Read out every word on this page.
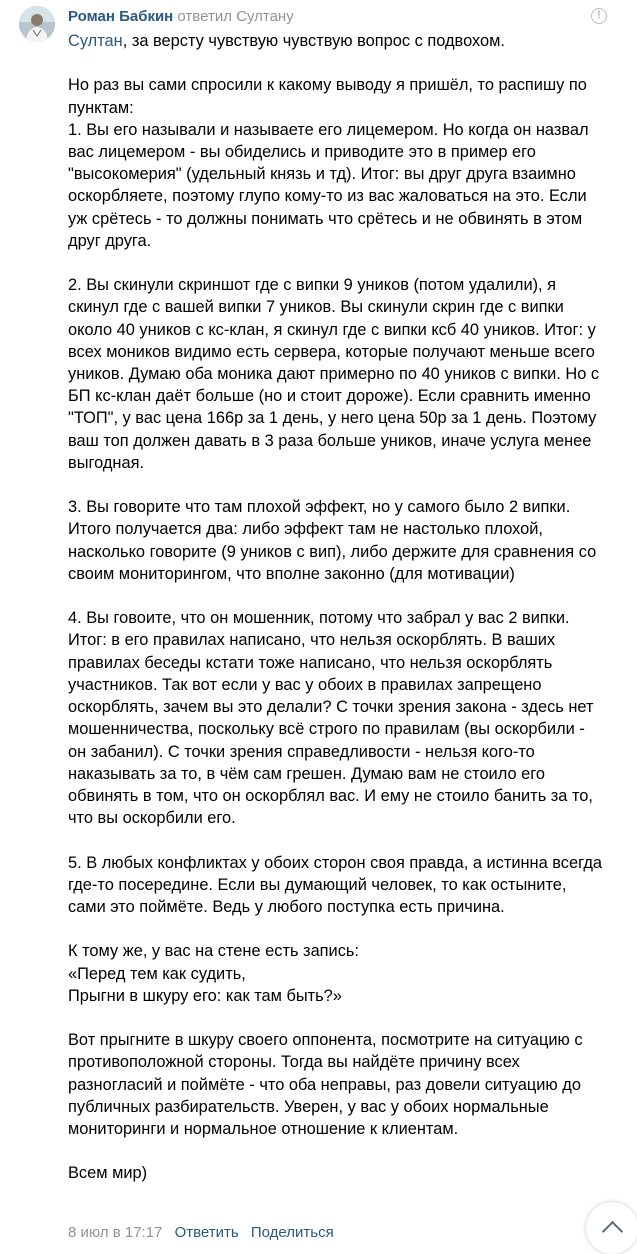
Роман Бабкин ответил Султану	!
Султан, за версту чувствую чувствую вопрос с подвохом.

Но раз вы сами спросили к какому выводу я пришёл, то распишу по
пунктам:
1. Вы его называли и называете его лицемером. Но когда он назвал
вас лицемером - вы обиделись и приводите это в пример его
"высокомерия" (удельный князь и тд). Итог: вы друг друга взаимно
оскорбляете, поэтому глупо кому-то из вас жаловаться на это. Если
уж срётесь - то должны понимать что срётесь и не обвинять в этом
друг друга.

2. Вы скинули скриншот где с випки 9 уников (потом удалили), я
скинул где с вашей випки 7 уников. Вы скинули скрин где с випки
около 40 уников с кс-клан, я скинул где с випки ксб 40 уников. Итог: у
всех моников видимо есть сервера, которые получают меньше всего
уников. Думаю оба моника дают примерно по 40 уников с випки. Но с
БП кс-клан даёт больше (но и стоит дороже). Если сравнить именно
"ТОП", у вас цена 166р за 1 день, у него цена 50р за 1 день. Поэтому
ваш топ должен давать в 3 раза больше уников, иначе услуга менее
выгодная.

3. Вы говорите что там плохой эффект, но у самого было 2 випки.
Итого получается два: либо эффект там не настолько плохой,
насколько говорите (9 уников с вип), либо держите для сравнения со
своим мониторингом, что вполне законно (для мотивации)

4. Вы говоите, что он мошенник, потому что забрал у вас 2 випки.
Итог: в его правилах написано, что нельзя оскорблять. В ваших
правилах беседы кстати тоже написано, что нельзя оскорблять
участников. Так вот если у вас у обоих в правилах запрещено
оскорблять, зачем вы это делали? С точки зрения закона - здесь нет
мошенничества, поскольку всё строго по правилам (вы оскорбили -
он забанил). С точки зрения справедливости - нельзя кого-то
наказывать за то, в чём сам грешен. Думаю вам не стоило его
обвинять в том, что он оскорблял вас. И ему не стоило банить за то,
что вы оскорбили его.

5. В любых конфликтах у обоих сторон своя правда, а истинна всегда
где-то посередине. Если вы думающий человек, то как остыните,
сами это поймёте. Ведь у любого поступка есть причина.

К тому же, у вас на стене есть запись:
«Перед тем как судить,
Прыгни в шкуру его: как там быть?»

Вот прыгните в шкуру своего оппонента, посмотрите на ситуацию с
противоположной стороны. Тогда вы найдёте причину всех
разногласий и поймёте - что оба неправы, раз довели ситуацию до
публичных разбирательств. Уверен, у вас у обоих нормальные
мониторинги и нормальное отношение к клиентам.

Всем мир)
8 июл в 17:17 Ответить Поделиться
